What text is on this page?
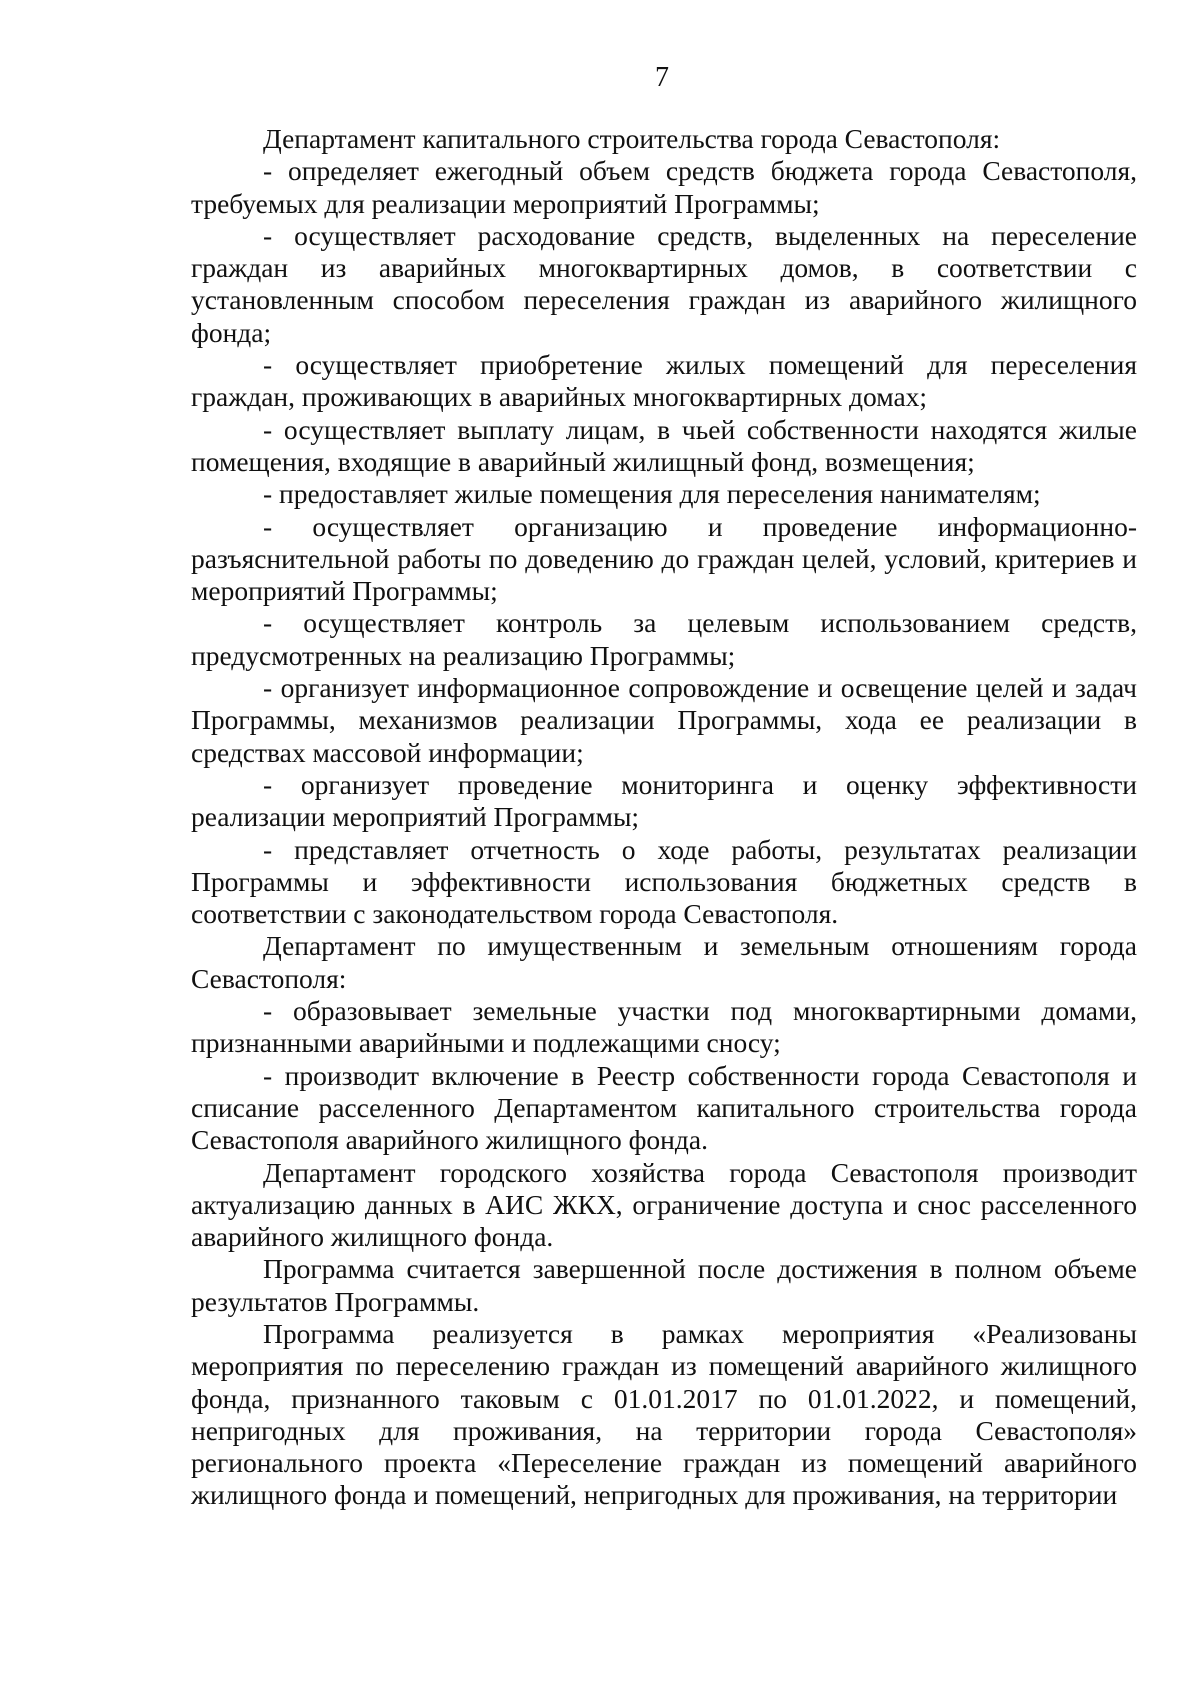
7

Департамент капитального строительства города Севастополя:

- определяет ежегодный объем средств бюджета города Севастополя, требуемых для реализации мероприятий Программы;

- осуществляет расходование средств, выделенных на переселение граждан из аварийных многоквартирных домов, в соответствии с установленным способом переселения граждан из аварийного жилищного фонда;

- осуществляет приобретение жилых помещений для переселения граждан, проживающих в аварийных многоквартирных домах;

- осуществляет выплату лицам, в чьей собственности находятся жилые помещения, входящие в аварийный жилищный фонд, возмещения;

- предоставляет жилые помещения для переселения нанимателям;

- осуществляет организацию и проведение информационно-разъяснительной работы по доведению до граждан целей, условий, критериев и мероприятий Программы;

- осуществляет контроль за целевым использованием средств, предусмотренных на реализацию Программы;

- организует информационное сопровождение и освещение целей и задач Программы, механизмов реализации Программы, хода ее реализации в средствах массовой информации;

- организует проведение мониторинга и оценку эффективности реализации мероприятий Программы;

- представляет отчетность о ходе работы, результатах реализации Программы и эффективности использования бюджетных средств в соответствии с законодательством города Севастополя.

Департамент по имущественным и земельным отношениям города Севастополя:

- образовывает земельные участки под многоквартирными домами, признанными аварийными и подлежащими сносу;

- производит включение в Реестр собственности города Севастополя и списание расселенного Департаментом капитального строительства города Севастополя аварийного жилищного фонда.

Департамент городского хозяйства города Севастополя производит актуализацию данных в АИС ЖКХ, ограничение доступа и снос расселенного аварийного жилищного фонда.

Программа считается завершенной после достижения в полном объеме результатов Программы.

Программа реализуется в рамках мероприятия «Реализованы мероприятия по переселению граждан из помещений аварийного жилищного фонда, признанного таковым с 01.01.2017 по 01.01.2022, и помещений, непригодных для проживания, на территории города Севастополя» регионального проекта «Переселение граждан из помещений аварийного жилищного фонда и помещений, непригодных для проживания, на территории
